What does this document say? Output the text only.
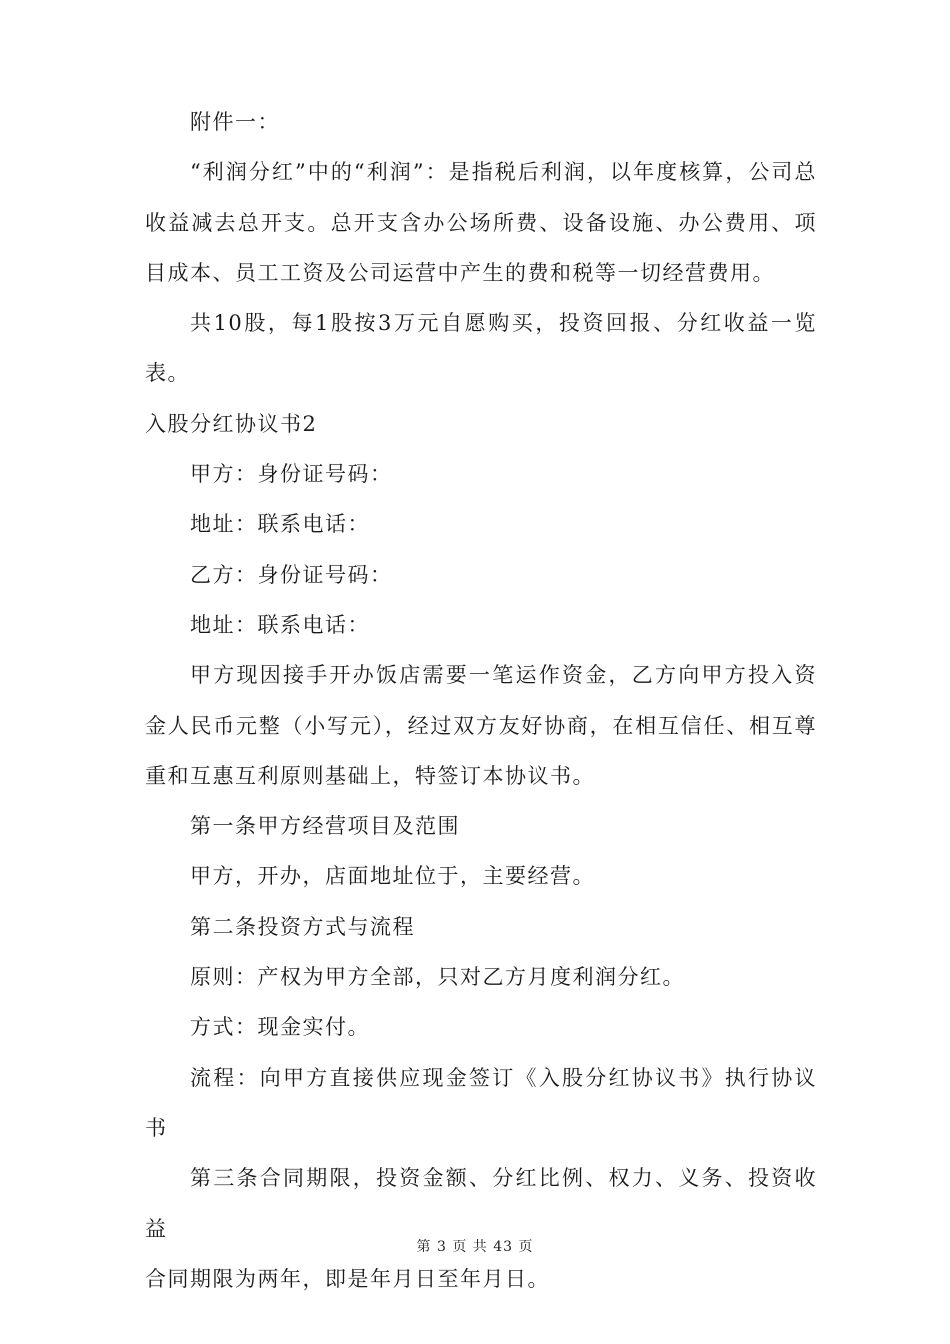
附件一：

“利润分红”中的“利润”：是指税后利润，以年度核算，公司总收益减去总开支。总开支含办公场所费、设备设施、办公费用、项目成本、员工工资及公司运营中产生的费和税等一切经营费用。

共10股，每1股按3万元自愿购买，投资回报、分红收益一览表。

入股分红协议书2

甲方：身份证号码：

地址：联系电话：

乙方：身份证号码：

地址：联系电话：

甲方现因接手开办饭店需要一笔运作资金，乙方向甲方投入资金人民币元整（小写元），经过双方友好协商，在相互信任、相互尊重和互惠互利原则基础上，特签订本协议书。

第一条甲方经营项目及范围

甲方，开办，店面地址位于，主要经营。

第二条投资方式与流程

原则：产权为甲方全部，只对乙方月度利润分红。

方式：现金实付。

流程：向甲方直接供应现金签订《入股分红协议书》执行协议书

第三条合同期限，投资金额、分红比例、权力、义务、投资收益

合同期限为两年，即是年月日至年月日。

第 3 页 共 43 页
